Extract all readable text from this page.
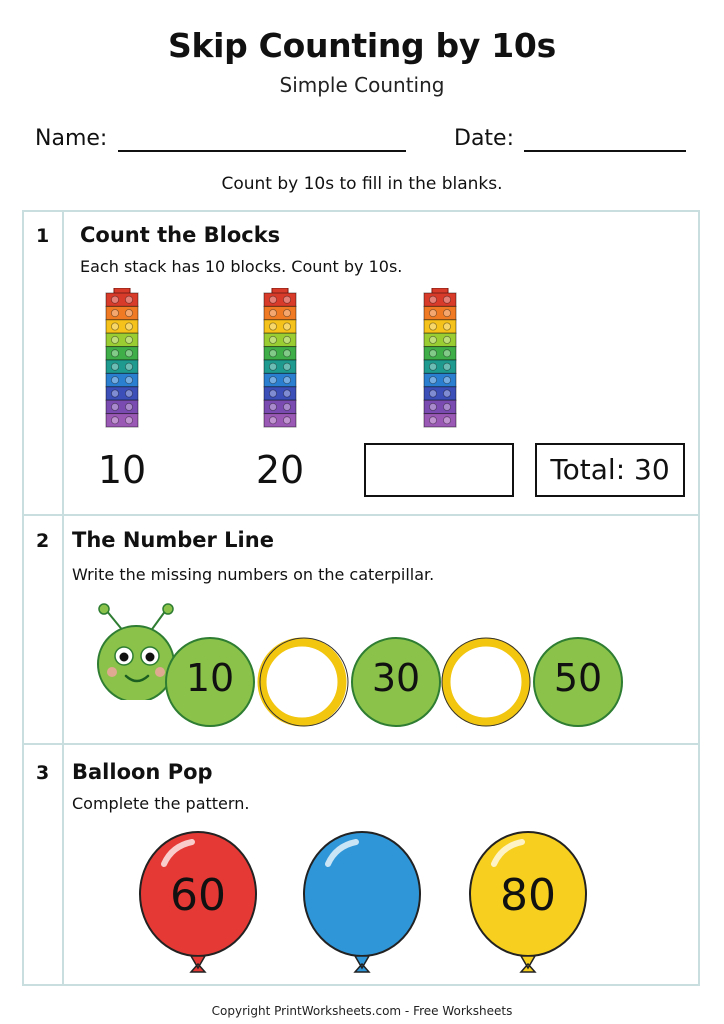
Skip Counting by 10s
Simple Counting
Name:	Date:
Count by 10s to fill in the blanks.
1 Count the Blocks
Each stack has 10 blocks. Count by 10s.
10	20	Total: 30
2 The Number Line
Write the missing numbers on the caterpillar.
10	30	50
3 Balloon Pop
Complete the pattern.
60	80
Copyright PrintWorksheets.com - Free Worksheets
